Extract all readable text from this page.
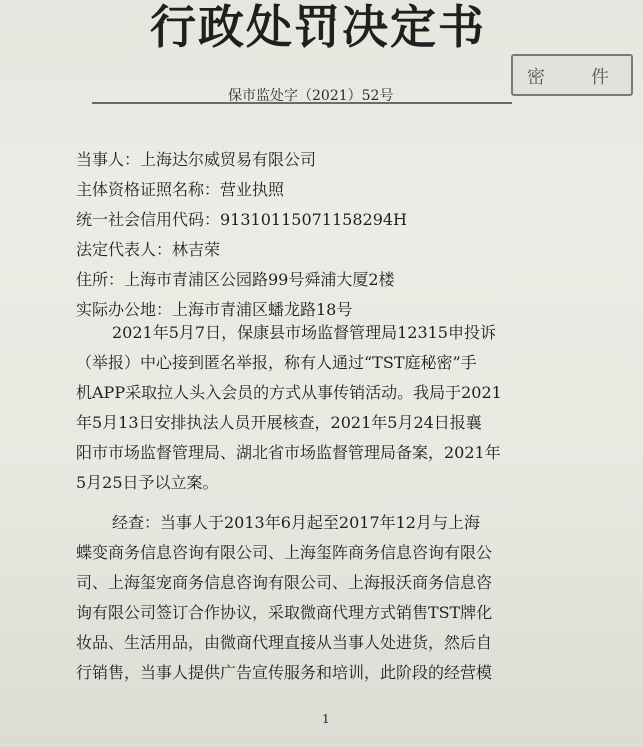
行政处罚决定书
密	件
保市监处字（2021）52号
当事人：上海达尔威贸易有限公司
主体资格证照名称：营业执照
统一社会信用代码：91310115071158294H
法定代表人：林吉荣
住所：上海市青浦区公园路99号舜浦大厦2楼
实际办公地：上海市青浦区蟠龙路18号
2021年5月7日，保康县市场监督管理局12315申投诉
（举报）中心接到匿名举报，称有人通过“TST庭秘密”手
机APP采取拉人头入会员的方式从事传销活动。我局于2021
年5月13日安排执法人员开展核查，2021年5月24日报襄
阳市市场监督管理局、湖北省市场监督管理局备案，2021年
5月25日予以立案。
经查：当事人于2013年6月起至2017年12月与上海
蝶变商务信息咨询有限公司、上海玺阵商务信息咨询有限公
司、上海玺宠商务信息咨询有限公司、上海报沃商务信息咨
询有限公司签订合作协议，采取微商代理方式销售TST牌化
妆品、生活用品，由微商代理直接从当事人处进货，然后自
行销售，当事人提供广告宣传服务和培训，此阶段的经营模
1
